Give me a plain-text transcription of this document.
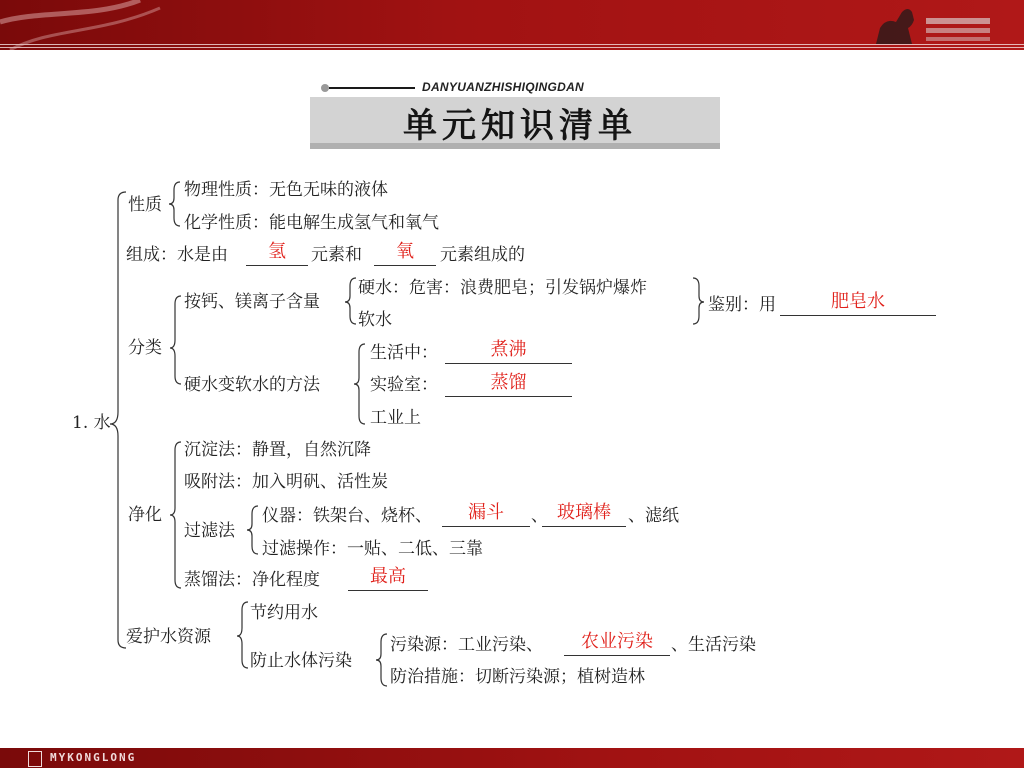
DANYUANZHISHIQINGDAN
单元知识清单
1. 水
性质
物理性质：无色无味的液体
化学性质：能电解生成氢气和氧气
组成：水是由	氢	元素和	氧	元素组成的
分类
按钙、镁离子含量
硬水：危害：浪费肥皂；引发锅炉爆炸
软水
鉴别：用	肥皂水
硬水变软水的方法
生活中：	煮沸
实验室：	蒸馏
工业上
净化
沉淀法：静置，自然沉降
吸附法：加入明矾、活性炭
过滤法
仪器：铁架台、烧杯、	漏斗	、 玻璃棒	、滤纸
过滤操作：一贴、二低、三靠
蒸馏法：净化程度	最高
爱护水资源
节约用水
防止水体污染
污染源：工业污染、	农业污染	、生活污染
防治措施：切断污染源；植树造林
MYKONGLONG
